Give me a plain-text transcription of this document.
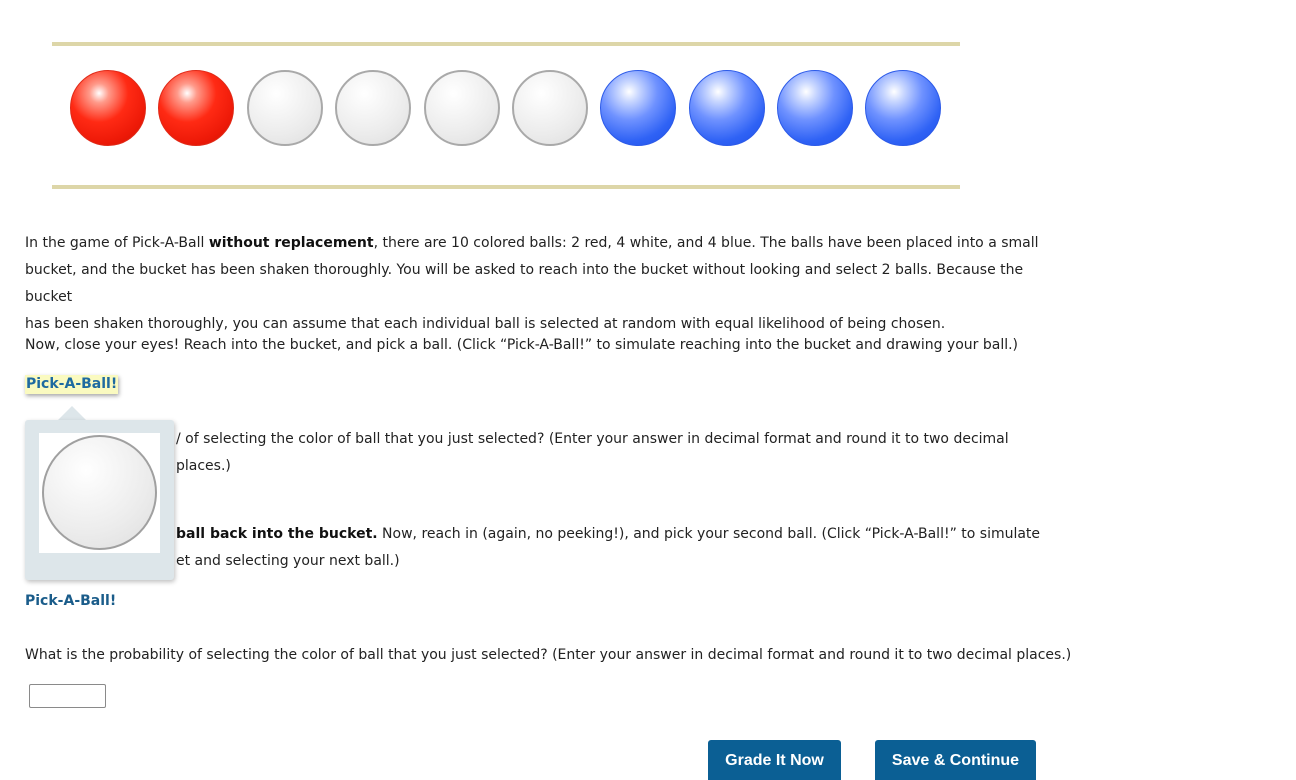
In the game of Pick-A-Ball without replacement, there are 10 colored balls: 2 red, 4 white, and 4 blue. The balls have been placed into a small
bucket, and the bucket has been shaken thoroughly. You will be asked to reach into the bucket without looking and select 2 balls. Because the bucket
has been shaken thoroughly, you can assume that each individual ball is selected at random with equal likelihood of being chosen.
Now, close your eyes! Reach into the bucket, and pick a ball. (Click “Pick-A-Ball!” to simulate reaching into the bucket and drawing your ball.)
Pick-A-Ball!
/ of selecting the color of ball that you just selected? (Enter your answer in decimal format and round it to two decimal places.)
ball back into the bucket. Now, reach in (again, no peeking!), and pick your second ball. (Click “Pick-A-Ball!” to simulate
et and selecting your next ball.)
Pick-A-Ball!
What is the probability of selecting the color of ball that you just selected? (Enter your answer in decimal format and round it to two decimal places.)
Grade It Now	Save & Continue
